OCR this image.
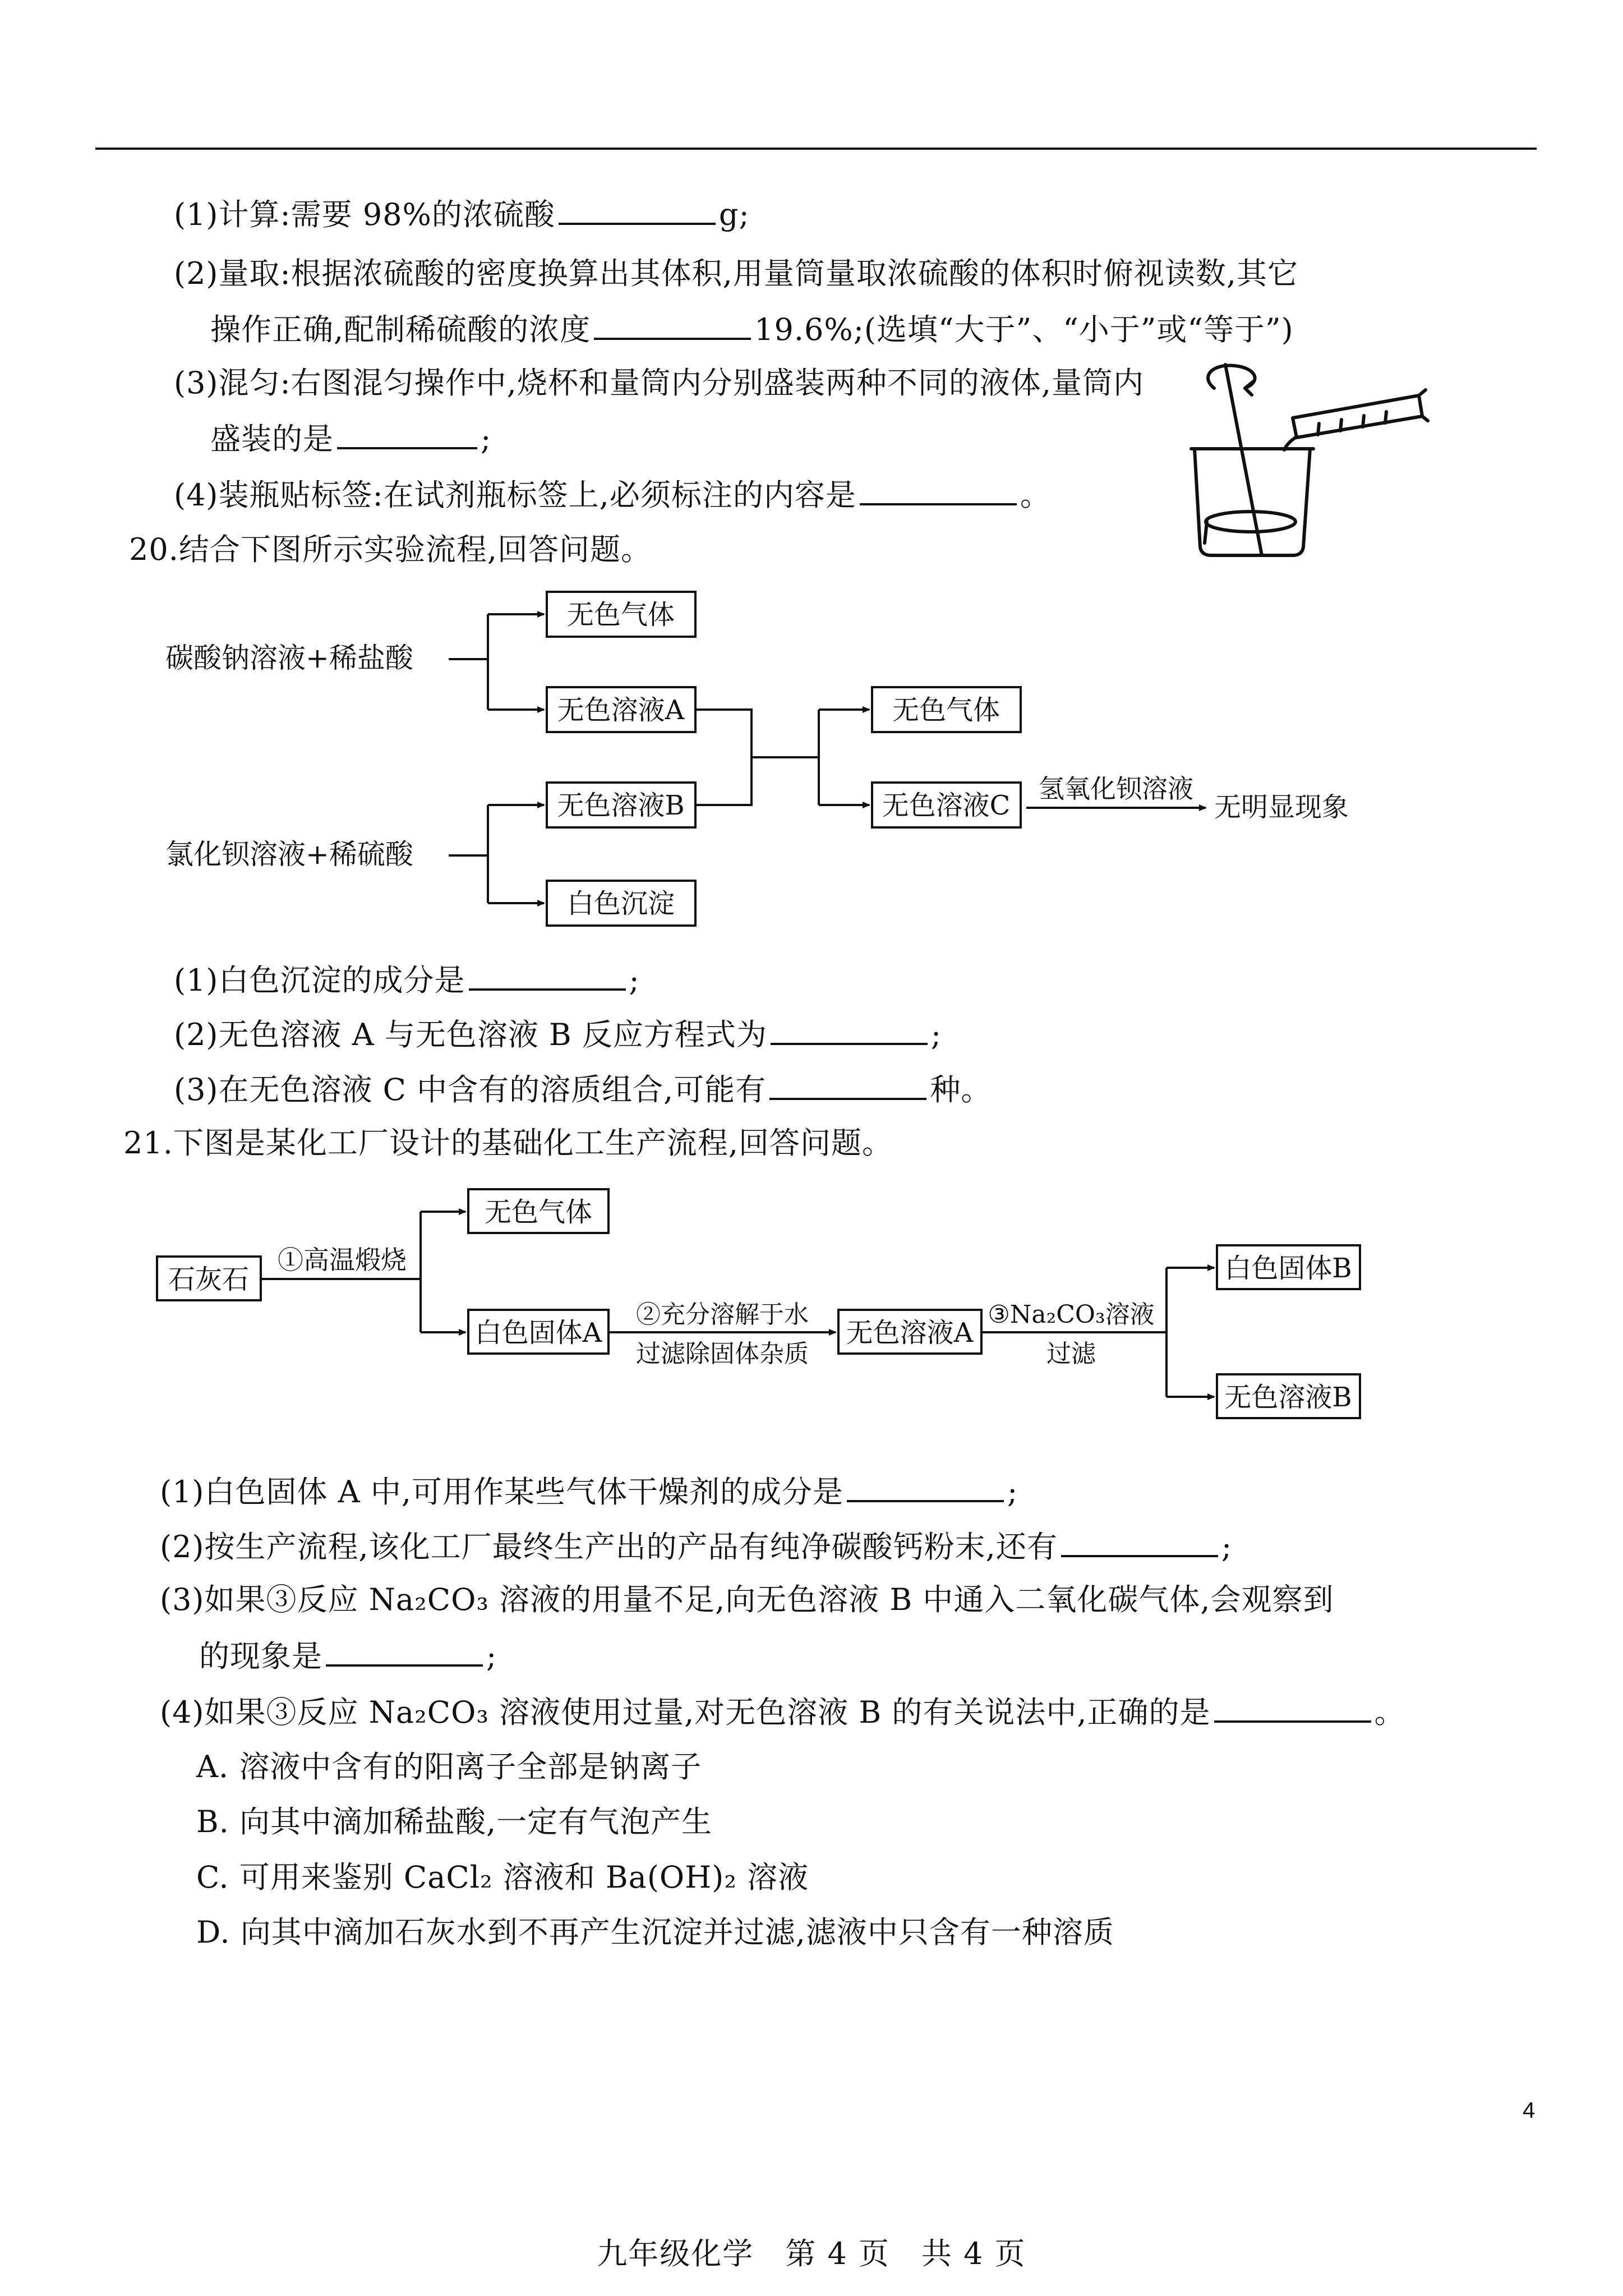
(1)计算:需要 98%的浓硫酸	g;
(2)量取:根据浓硫酸的密度换算出其体积,用量筒量取浓硫酸的体积时俯视读数,其它
操作正确,配制稀硫酸的浓度	19.6%;(选填“大于”、“小于”或“等于”)
(3)混匀:右图混匀操作中,烧杯和量筒内分别盛装两种不同的液体,量筒内
盛装的是	;
(4)装瓶贴标签:在试剂瓶标签上,必须标注的内容是	。
20.结合下图所示实验流程,回答问题。
碳酸钠溶液+稀盐酸
氯化钡溶液+稀硫酸
无色气体
无色溶液A
无色溶液B
白色沉淀
无色气体
无色溶液C
氢氧化钡溶液
无明显现象
(1)白色沉淀的成分是	;
(2)无色溶液 A 与无色溶液 B 反应方程式为	;
(3)在无色溶液 C 中含有的溶质组合,可能有	种。
21.下图是某化工厂设计的基础化工生产流程,回答问题。
石灰石
①高温煅烧
无色气体
白色固体A
②充分溶解于水
过滤除固体杂质
无色溶液A
③Na₂CO₃溶液
过滤
白色固体B
无色溶液B
(1)白色固体 A 中,可用作某些气体干燥剂的成分是	;
(2)按生产流程,该化工厂最终生产出的产品有纯净碳酸钙粉末,还有	;
(3)如果③反应 Na₂CO₃ 溶液的用量不足,向无色溶液 B 中通入二氧化碳气体,会观察到
的现象是	;
(4)如果③反应 Na₂CO₃ 溶液使用过量,对无色溶液 B 的有关说法中,正确的是	。
A. 溶液中含有的阳离子全部是钠离子
B. 向其中滴加稀盐酸,一定有气泡产生
C. 可用来鉴别 CaCl₂ 溶液和 Ba(OH)₂ 溶液
D. 向其中滴加石灰水到不再产生沉淀并过滤,滤液中只含有一种溶质
4
九年级化学　第 4 页　共 4 页
